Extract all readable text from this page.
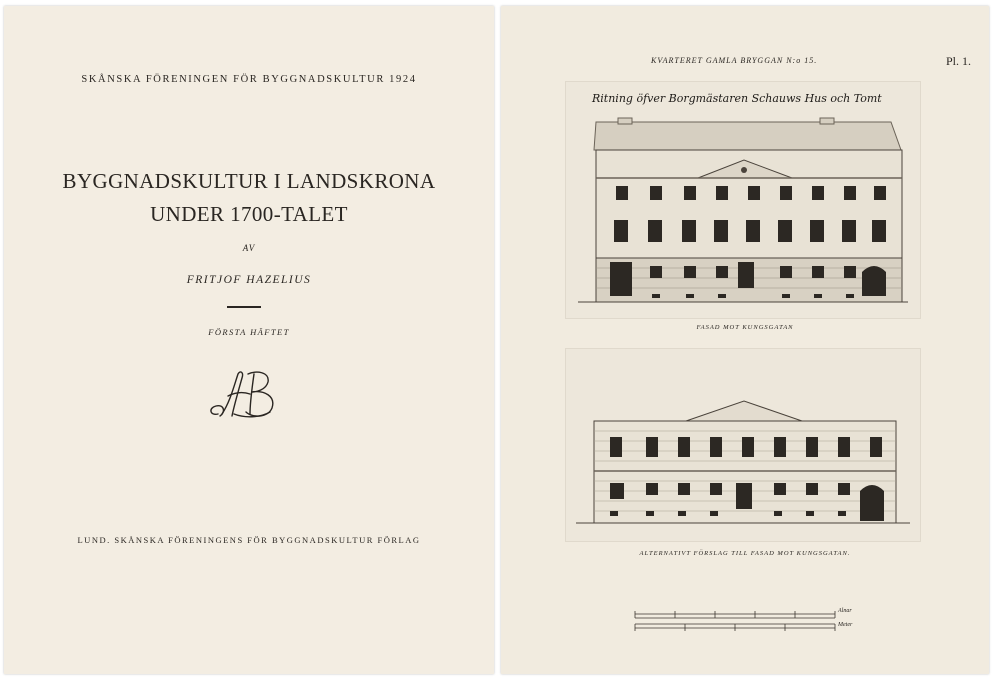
SKÅNSKA FÖRENINGEN FÖR BYGGNADSKULTUR 1924
BYGGNADSKULTUR I LANDSKRONA
UNDER 1700-TALET
AV
FRITJOF HAZELIUS
FÖRSTA HÄFTET
LUND. SKÅNSKA FÖRENINGENS FÖR BYGGNADSKULTUR FÖRLAG
KVARTERET GAMLA BRYGGAN N:o 15.	Pl. 1.
Ritning öfver Borgmästaren Schauws Hus och Tomt
FASAD MOT KUNGSGATAN
ALTERNATIVT FÖRSLAG TILL FASAD MOT KUNGSGATAN.
Alnar
Meter
